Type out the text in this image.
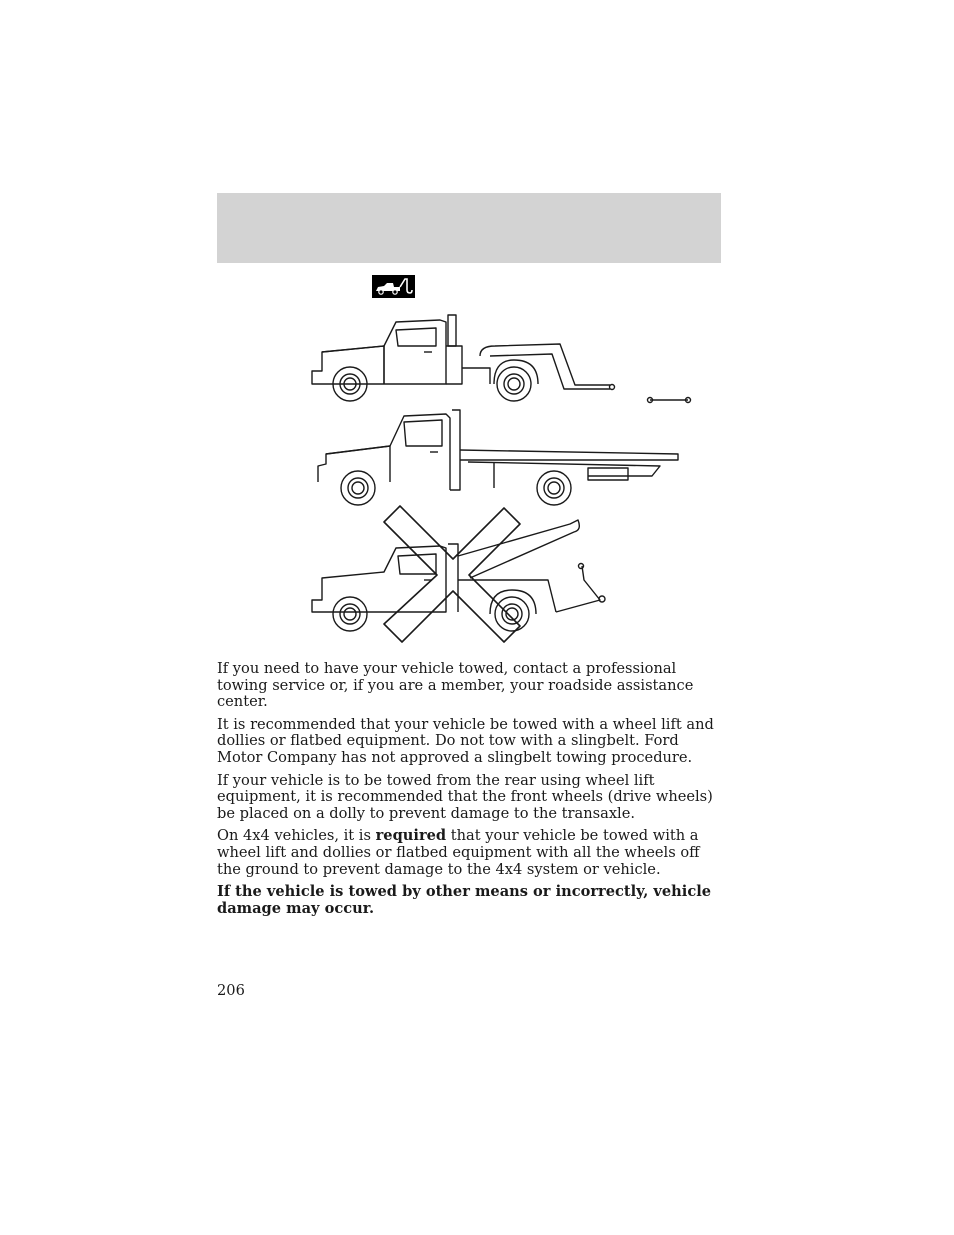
If you need to have your vehicle towed, contact a professional towing service or, if you are a member, your roadside assistance center.

It is recommended that your vehicle be towed with a wheel lift and dollies or flatbed equipment. Do not tow with a slingbelt. Ford Motor Company has not approved a slingbelt towing procedure.

If your vehicle is to be towed from the rear using wheel lift equipment, it is recommended that the front wheels (drive wheels) be placed on a dolly to prevent damage to the transaxle.

On 4x4 vehicles, it is required that your vehicle be towed with a wheel lift and dollies or flatbed equipment with all the wheels off the ground to prevent damage to the 4x4 system or vehicle.

If the vehicle is towed by other means or incorrectly, vehicle damage may occur.

206
